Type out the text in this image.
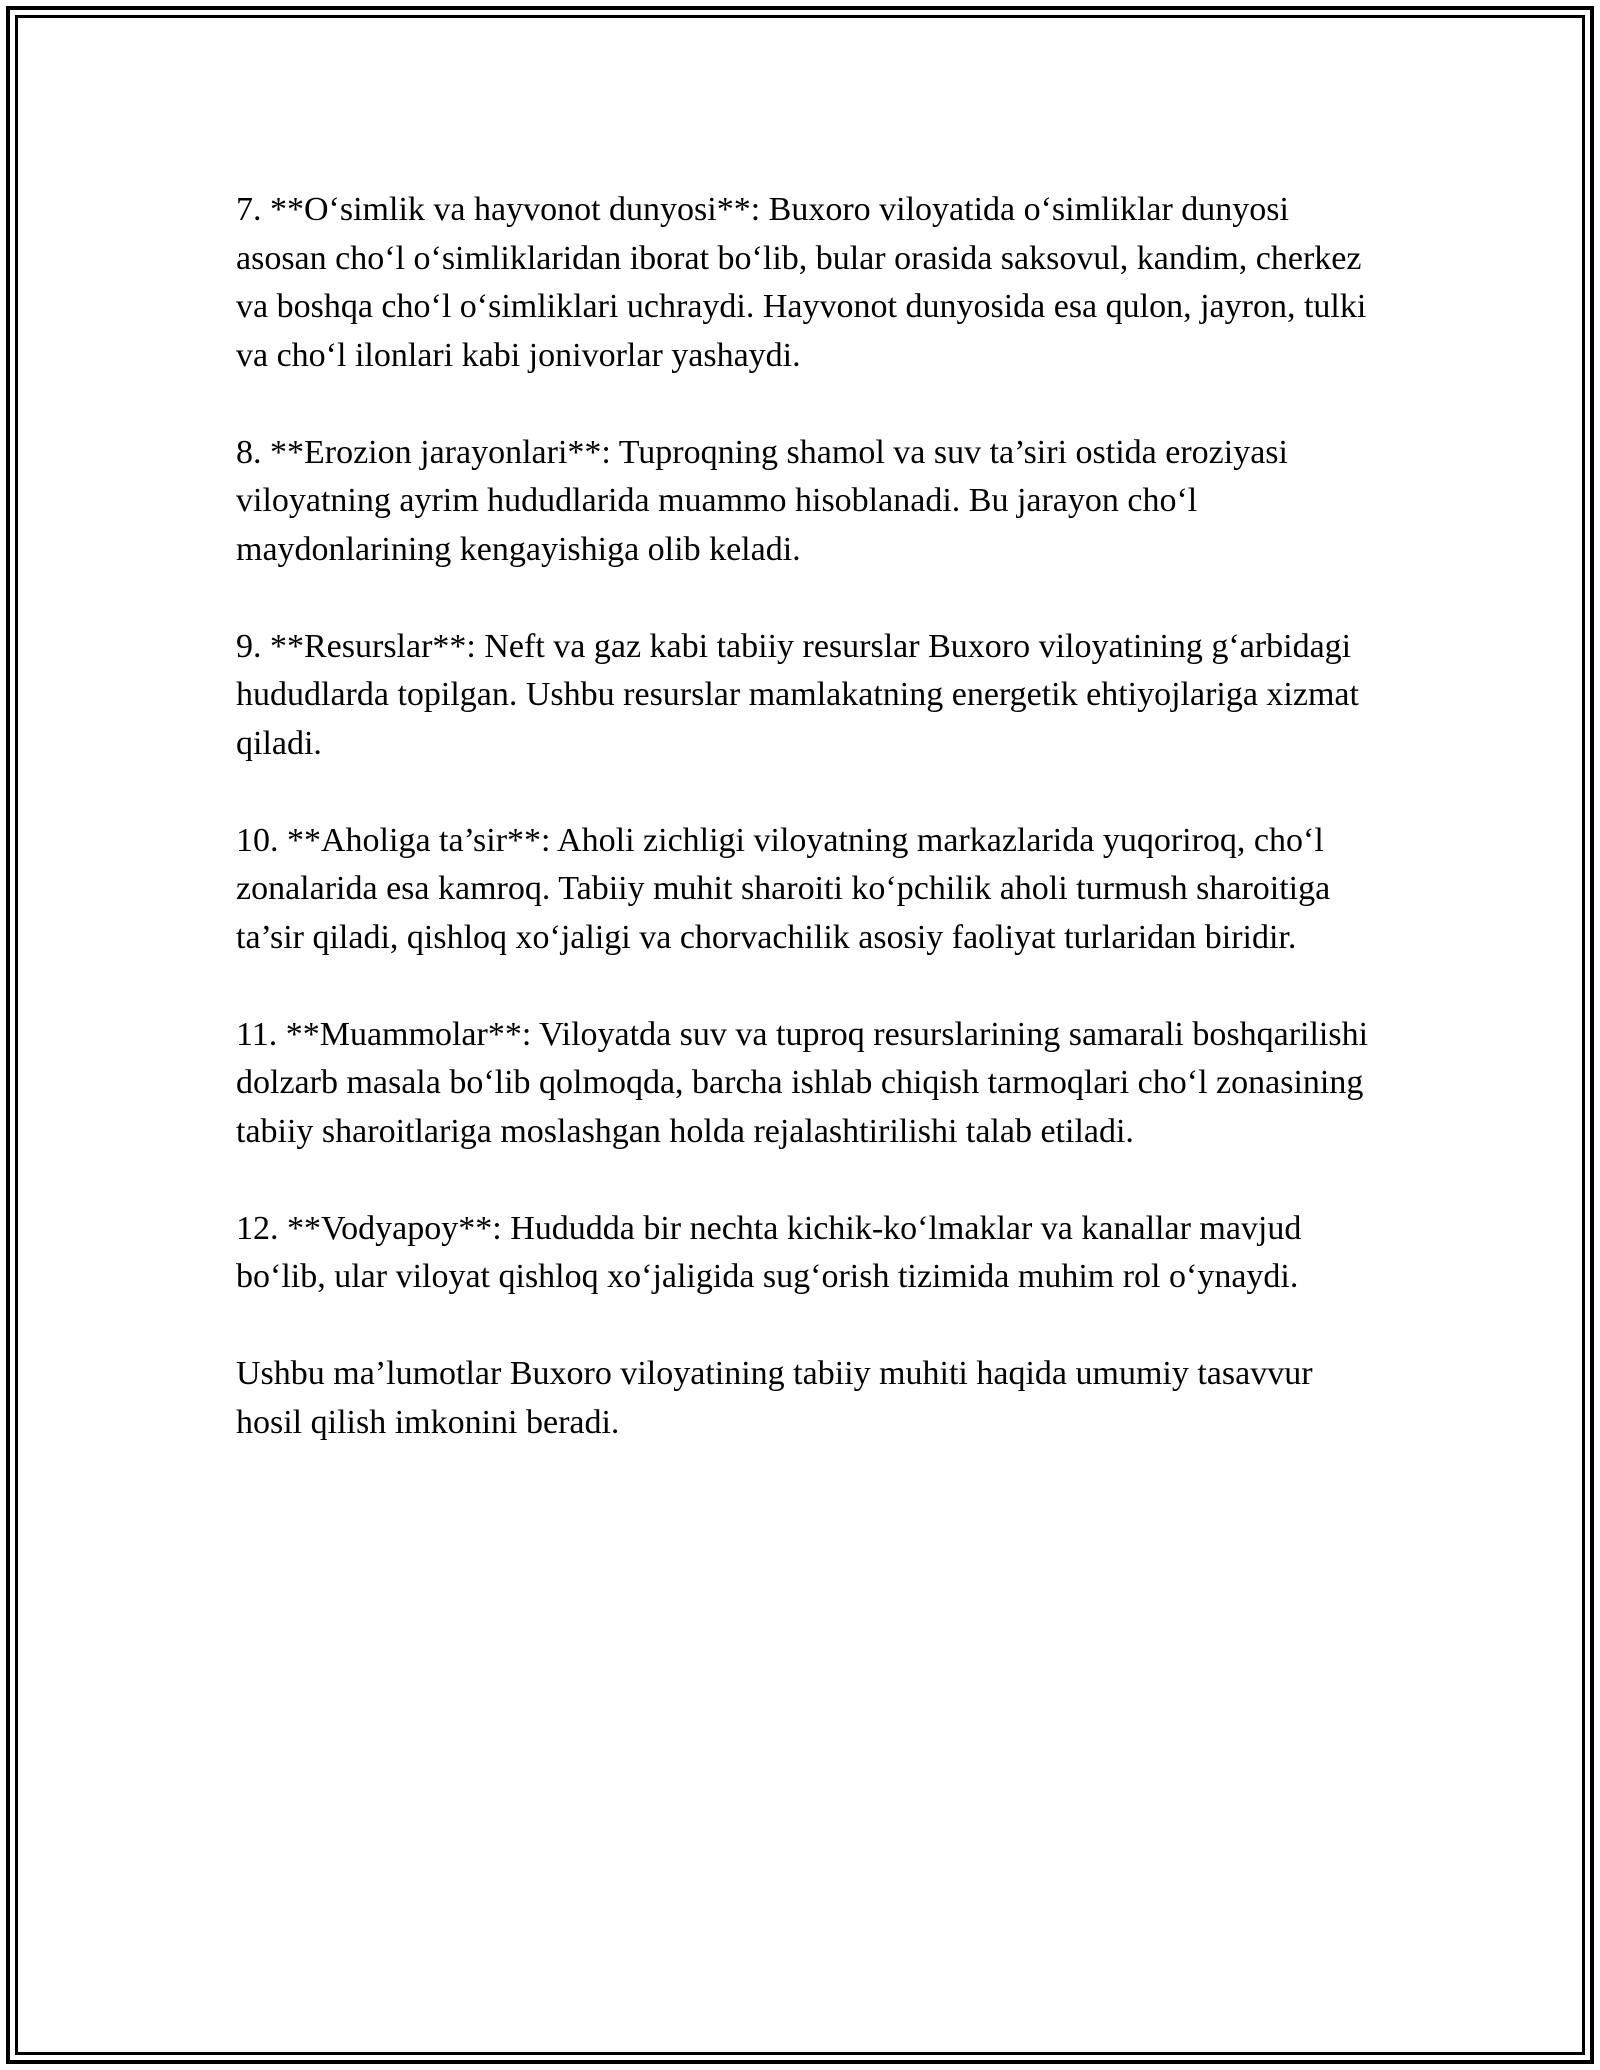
7. **O‘simlik va hayvonot dunyosi**: Buxoro viloyatida o‘simliklar dunyosi asosan cho‘l o‘simliklaridan iborat bo‘lib, bular orasida saksovul, kandim, cherkez va boshqa cho‘l o‘simliklari uchraydi. Hayvonot dunyosida esa qulon, jayron, tulki va cho‘l ilonlari kabi jonivorlar yashaydi.

8. **Erozion jarayonlari**: Tuproqning shamol va suv ta’siri ostida eroziyasi viloyatning ayrim hududlarida muammo hisoblanadi. Bu jarayon cho‘l maydonlarining kengayishiga olib keladi.

9. **Resurslar**: Neft va gaz kabi tabiiy resurslar Buxoro viloyatining g‘arbidagi hududlarda topilgan. Ushbu resurslar mamlakatning energetik ehtiyojlariga xizmat qiladi.

10. **Aholiga ta’sir**: Aholi zichligi viloyatning markazlarida yuqoriroq, cho‘l zonalarida esa kamroq. Tabiiy muhit sharoiti ko‘pchilik aholi turmush sharoitiga ta’sir qiladi, qishloq xo‘jaligi va chorvachilik asosiy faoliyat turlaridan biridir.

11. **Muammolar**: Viloyatda suv va tuproq resurslarining samarali boshqarilishi dolzarb masala bo‘lib qolmoqda, barcha ishlab chiqish tarmoqlari cho‘l zonasining tabiiy sharoitlariga moslashgan holda rejalashtirilishi talab etiladi.

12. **Vodyapoy**: Hududda bir nechta kichik-ko‘lmaklar va kanallar mavjud bo‘lib, ular viloyat qishloq xo‘jaligida sug‘orish tizimida muhim rol o‘ynaydi.

Ushbu ma’lumotlar Buxoro viloyatining tabiiy muhiti haqida umumiy tasavvur hosil qilish imkonini beradi.
